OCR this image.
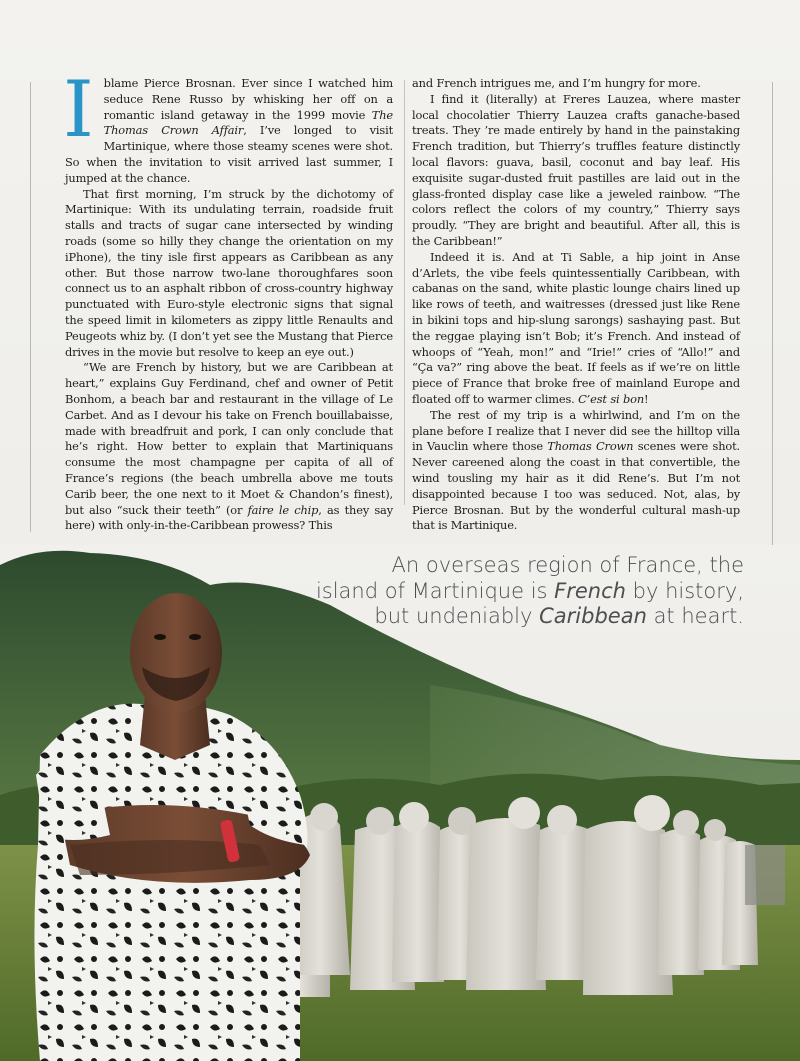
Iblame Pierce Brosnan. Ever since I watched him seduce Rene Russo by whisking her off on a romantic island getaway in the 1999 movie The Thomas Crown Affair, I’ve longed to visit Martinique, where those steamy scenes were shot. So when the invitation to visit arrived last summer, I jumped at the chance.

That first morning, I’m struck by the dichotomy of Martinique: With its undulating terrain, roadside fruit stalls and tracts of sugar cane intersected by winding roads (some so hilly they change the orientation on my iPhone), the tiny isle first appears as Caribbean as any other. But those narrow two-lane thoroughfares soon connect us to an asphalt ribbon of cross-country highway punctuated with Euro-style electronic signs that signal the speed limit in kilometers as zippy little Renaults and Peugeots whiz by. (I don’t yet see the Mustang that Pierce drives in the movie but resolve to keep an eye out.)

“We are French by history, but we are Caribbean at heart,” explains Guy Ferdinand, chef and owner of Petit Bonhom, a beach bar and restaurant in the village of Le Carbet. And as I devour his take on French bouillabaisse, made with breadfruit and pork, I can only conclude that he’s right. How better to explain that Martiniquans consume the most champagne per capita of all of France’s regions (the beach umbrella above me touts Carib beer, the one next to it Moet & Chandon’s finest), but also “suck their teeth” (or faire le chip, as they say here) with only-in-the-Caribbean prowess? This

and French intrigues me, and I’m hungry for more.

I find it (literally) at Freres Lauzea, where master local chocolatier Thierry Lauzea crafts ganache-based treats. They ’re made entirely by hand in the painstaking French tradition, but Thierry’s truffles feature distinctly local flavors: guava, basil, coconut and bay leaf. His exquisite sugar-dusted fruit pastilles are laid out in the glass-fronted display case like a jeweled rainbow. “The colors reflect the colors of my country,” Thierry says proudly. “They are bright and beautiful. After all, this is the Caribbean!”

Indeed it is. And at Ti Sable, a hip joint in Anse d’Arlets, the vibe feels quintessentially Caribbean, with cabanas on the sand, white plastic lounge chairs lined up like rows of teeth, and waitresses (dressed just like Rene in bikini tops and hip-slung sarongs) sashaying past. But the reggae playing isn’t Bob; it’s French. And instead of whoops of “Yeah, mon!” and “Irie!” cries of “Allo!” and “Ça va?” ring above the beat. If feels as if we’re on little piece of France that broke free of mainland Europe and floated off to warmer climes. C’est si bon!

The rest of my trip is a whirlwind, and I’m on the plane before I realize that I never did see the hilltop villa in Vauclin where those Thomas Crown scenes were shot. Never careened along the coast in that convertible, the wind tousling my hair as it did Rene’s. But I’m not disappointed because I too was seduced. Not, alas, by Pierce Brosnan. But by the wonderful cultural mash-up that is Martinique.

An overseas region of France, the
island of Martinique is French by history,
but undeniably Caribbean at heart.
